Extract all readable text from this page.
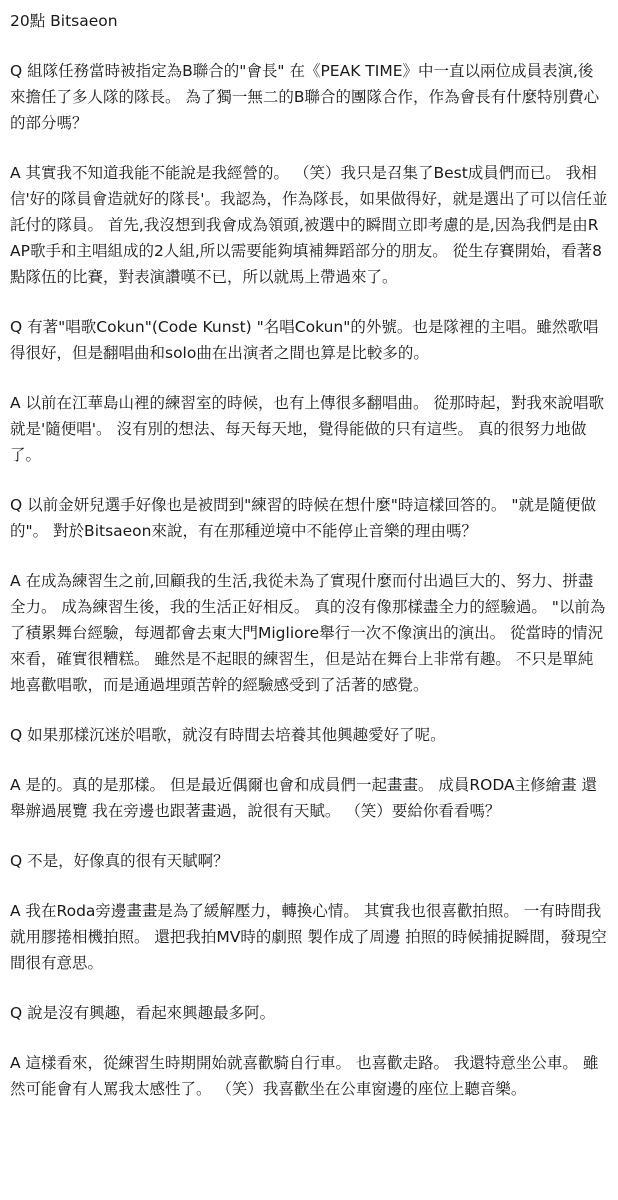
20點 Bitsaeon
Q 組隊任務當時被指定為B聯合的"會長" 在《PEAK TIME》中一直以兩位成員表演,後來擔任了多人隊的隊長。 為了獨一無二的B聯合的團隊合作，作為會長有什麼特別費心的部分嗎？
A 其實我不知道我能不能說是我經營的。 （笑）我只是召集了Best成員們而已。 我相信'好的隊員會造就好的隊長'。我認為，作為隊長，如果做得好，就是選出了可以信任並託付的隊員。 首先,我沒想到我會成為領頭,被選中的瞬間立即考慮的是,因為我們是由RAP歌手和主唱組成的2人組,所以需要能夠填補舞蹈部分的朋友。 從生存賽開始，看著8點隊伍的比賽，對表演讚嘆不已，所以就馬上帶過來了。
Q 有著"唱歌Cokun"(Code Kunst) "名唱Cokun"的外號。也是隊裡的主唱。雖然歌唱得很好，但是翻唱曲和solo曲在出演者之間也算是比較多的。
A 以前在江華島山裡的練習室的時候，也有上傳很多翻唱曲。 從那時起，對我來說唱歌就是'隨便唱'。 沒有別的想法、每天每天地，覺得能做的只有這些。 真的很努力地做了。
Q 以前金妍兒選手好像也是被問到"練習的時候在想什麼"時這樣回答的。 "就是隨便做的"。 對於Bitsaeon來說，有在那種逆境中不能停止音樂的理由嗎？
A 在成為練習生之前,回顧我的生活,我從未為了實現什麼而付出過巨大的、努力、拼盡全力。 成為練習生後，我的生活正好相反。 真的沒有像那樣盡全力的經驗過。 "以前為了積累舞台經驗，每週都會去東大門Migliore舉行一次不像演出的演出。 從當時的情況來看，確實很糟糕。 雖然是不起眼的練習生，但是站在舞台上非常有趣。 不只是單純地喜歡唱歌，而是通過埋頭苦幹的經驗感受到了活著的感覺。
Q 如果那樣沉迷於唱歌，就沒有時間去培養其他興趣愛好了呢。
A 是的。真的是那樣。 但是最近偶爾也會和成員們一起畫畫。 成員RODA主修繪畫 還舉辦過展覽 我在旁邊也跟著畫過，說很有天賦。 （笑）要給你看看嗎？
Q 不是，好像真的很有天賦啊？
A 我在Roda旁邊畫畫是為了緩解壓力，轉換心情。 其實我也很喜歡拍照。 一有時間我就用膠捲相機拍照。 還把我拍MV時的劇照 製作成了周邊 拍照的時候捕捉瞬間，發現空間很有意思。
Q 說是沒有興趣，看起來興趣最多阿。
A 這樣看來，從練習生時期開始就喜歡騎自行車。 也喜歡走路。 我還特意坐公車。 雖然可能會有人罵我太感性了。 （笑）我喜歡坐在公車窗邊的座位上聽音樂。
